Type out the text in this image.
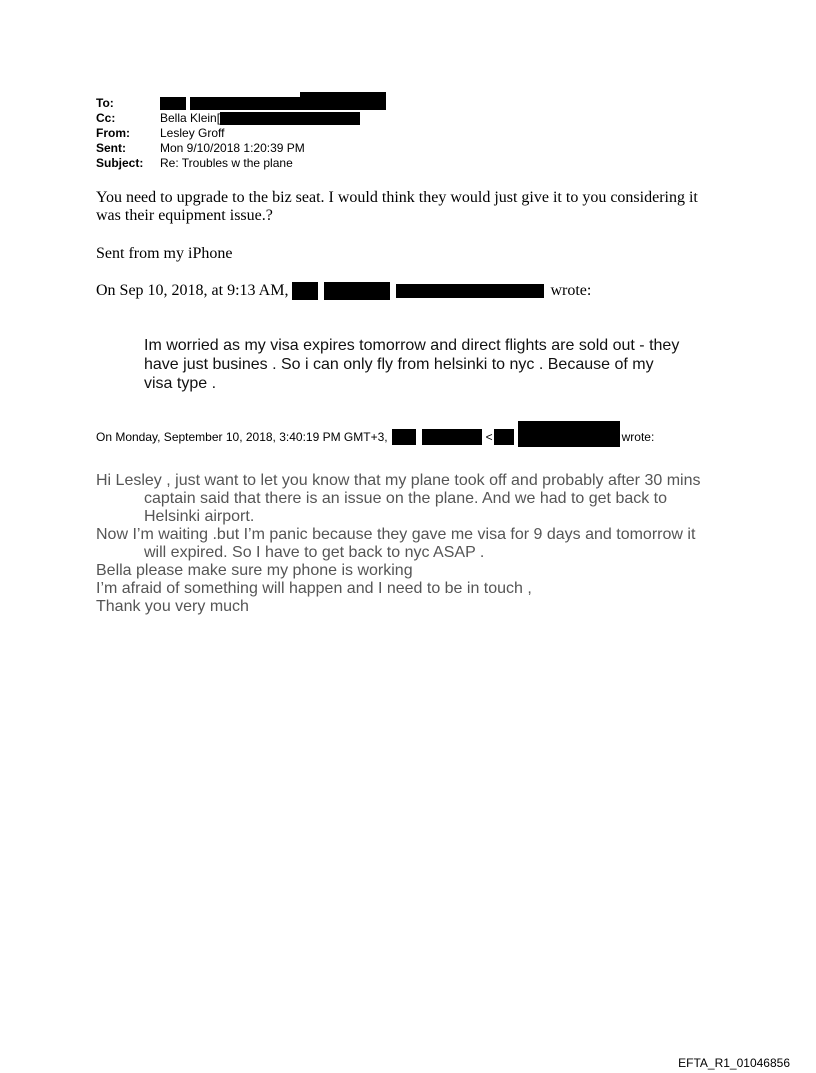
To:
Cc:	Bella Klein[
From:	Lesley Groff
Sent:	Mon 9/10/2018 1:20:39 PM
Subject:	Re: Troubles w the plane
You need to upgrade to the biz seat. I would think they would just give it to you considering it
was their equipment issue.?
Sent from my iPhone
On Sep 10, 2018, at 9:13 AM,	wrote:
Im worried as my visa expires tomorrow and direct flights are sold out - they have just busines . So i can only fly from helsinki to nyc . Because of my visa type .
On Monday, September 10, 2018, 3:40:19 PM GMT+3,	<	wrote:

Hi Lesley , just want to let you know that my plane took off and probably after 30 mins captain said that there is an issue on the plane. And we had to get back to Helsinki airport.

Now I’m waiting .but I’m panic because they gave me visa for 9 days and tomorrow it will expired. So I have to get back to nyc ASAP .

Bella please make sure my phone is working

I’m afraid of something will happen and I need to be in touch ,

Thank you very much

EFTA_R1_01046856
